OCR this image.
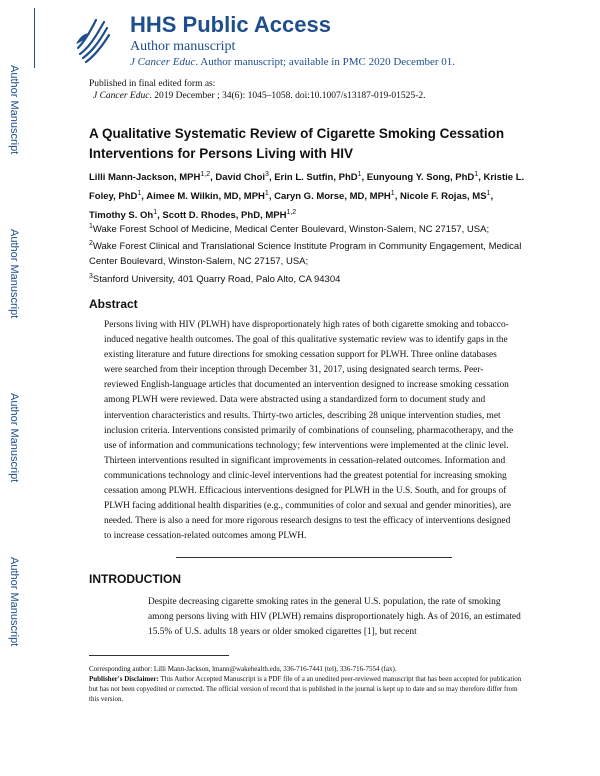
Author Manuscript
Author Manuscript
Author Manuscript
Author Manuscript
HHS Public Access
Author manuscript
J Cancer Educ. Author manuscript; available in PMC 2020 December 01.
Published in final edited form as:
J Cancer Educ. 2019 December ; 34(6): 1045–1058. doi:10.1007/s13187-019-01525-2.
A Qualitative Systematic Review of Cigarette Smoking Cessation Interventions for Persons Living with HIV
Lilli Mann-Jackson, MPH$^{1,2}$, David Choi$^3$, Erin L. Sutfin, PhD$^1$, Eunyoung Y. Song, PhD$^1$, Kristie L. Foley, PhD$^1$, Aimee M. Wilkin, MD, MPH$^1$, Caryn G. Morse, MD, MPH$^1$, Nicole F. Rojas, $MS^1$, Timothy S. Oh$^1$, Scott D. Rhodes, PhD, MPH$^{1,2}$
$^1$Wake Forest School of Medicine, Medical Center Boulevard, Winston-Salem, NC 27157, USA;
$^2$Wake Forest Clinical and Translational Science Institute Program in Community Engagement, Medical Center Boulevard, Winston-Salem, NC 27157, USA;
$^3$Stanford University, 401 Quarry Road, Palo Alto, CA 94304
Abstract
Persons living with HIV (PLWH) have disproportionately high rates of both cigarette smoking and tobacco-induced negative health outcomes. The goal of this qualitative systematic review was to identify gaps in the existing literature and future directions for smoking cessation support for PLWH. Three online databases were searched from their inception through December 31, 2017, using designated search terms. Peer-reviewed English-language articles that documented an intervention designed to increase smoking cessation among PLWH were reviewed. Data were abstracted using a standardized form to document study and intervention characteristics and results. Thirty-two articles, describing 28 unique intervention studies, met inclusion criteria. Interventions consisted primarily of combinations of counseling, pharmacotherapy, and the use of information and communications technology; few interventions were implemented at the clinic level. Thirteen interventions resulted in significant improvements in cessation-related outcomes. Information and communications technology and clinic-level interventions had the greatest potential for increasing smoking cessation among PLWH. Efficacious interventions designed for PLWH in the U.S. South, and for groups of PLWH facing additional health disparities (e.g., communities of color and sexual and gender minorities), are needed. There is also a need for more rigorous research designs to test the efficacy of interventions designed to increase cessation-related outcomes among PLWH.
INTRODUCTION
Despite decreasing cigarette smoking rates in the general U.S. population, the rate of smoking among persons living with HIV (PLWH) remains disproportionately high. As of 2016, an estimated 15.5% of U.S. adults 18 years or older smoked cigarettes [1], but recent
Corresponding author: Lilli Mann-Jackson, lmann@wakehealth.edu, 336-716-7441 (tel), 336-716-7554 (fax).
Publisher's Disclaimer: This Author Accepted Manuscript is a PDF file of a an unedited peer-reviewed manuscript that has been accepted for publication but has not been copyedited or corrected. The official version of record that is published in the journal is kept up to date and so may therefore differ from this version.
